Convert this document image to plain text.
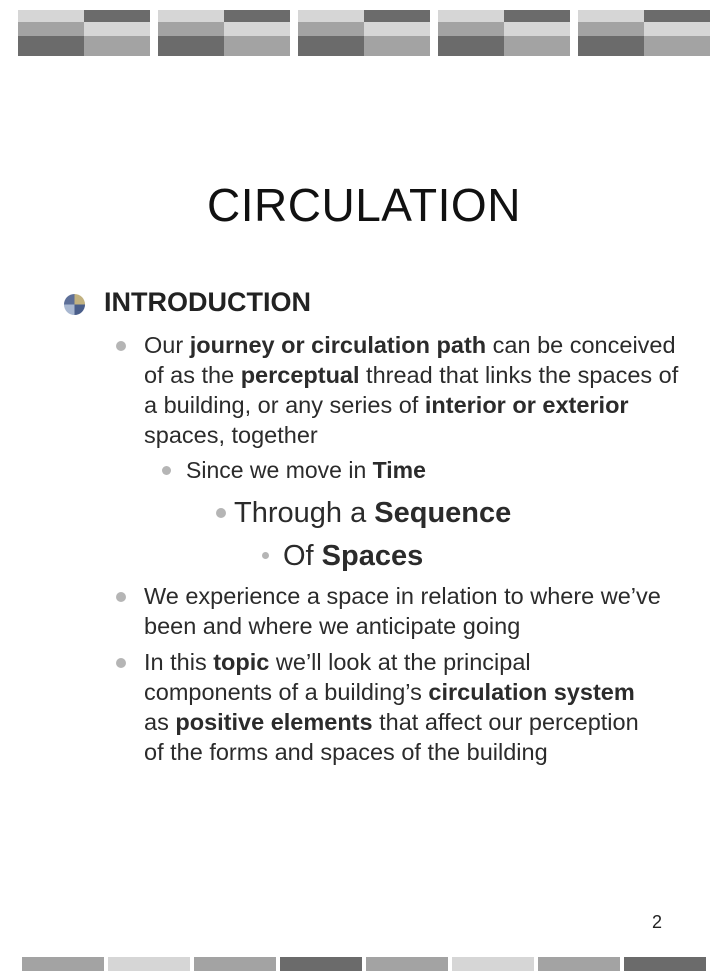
CIRCULATION
INTRODUCTION
Our journey or circulation path can be conceived of as the perceptual thread that links the spaces of a building, or any series of interior or exterior spaces, together
Since we move in Time
Through a Sequence
Of Spaces
We experience a space in relation to where we’ve been and where we anticipate going
In this topic we’ll look at the principal components of a building’s circulation system as positive elements that affect our perception of the forms and spaces of the building
2
